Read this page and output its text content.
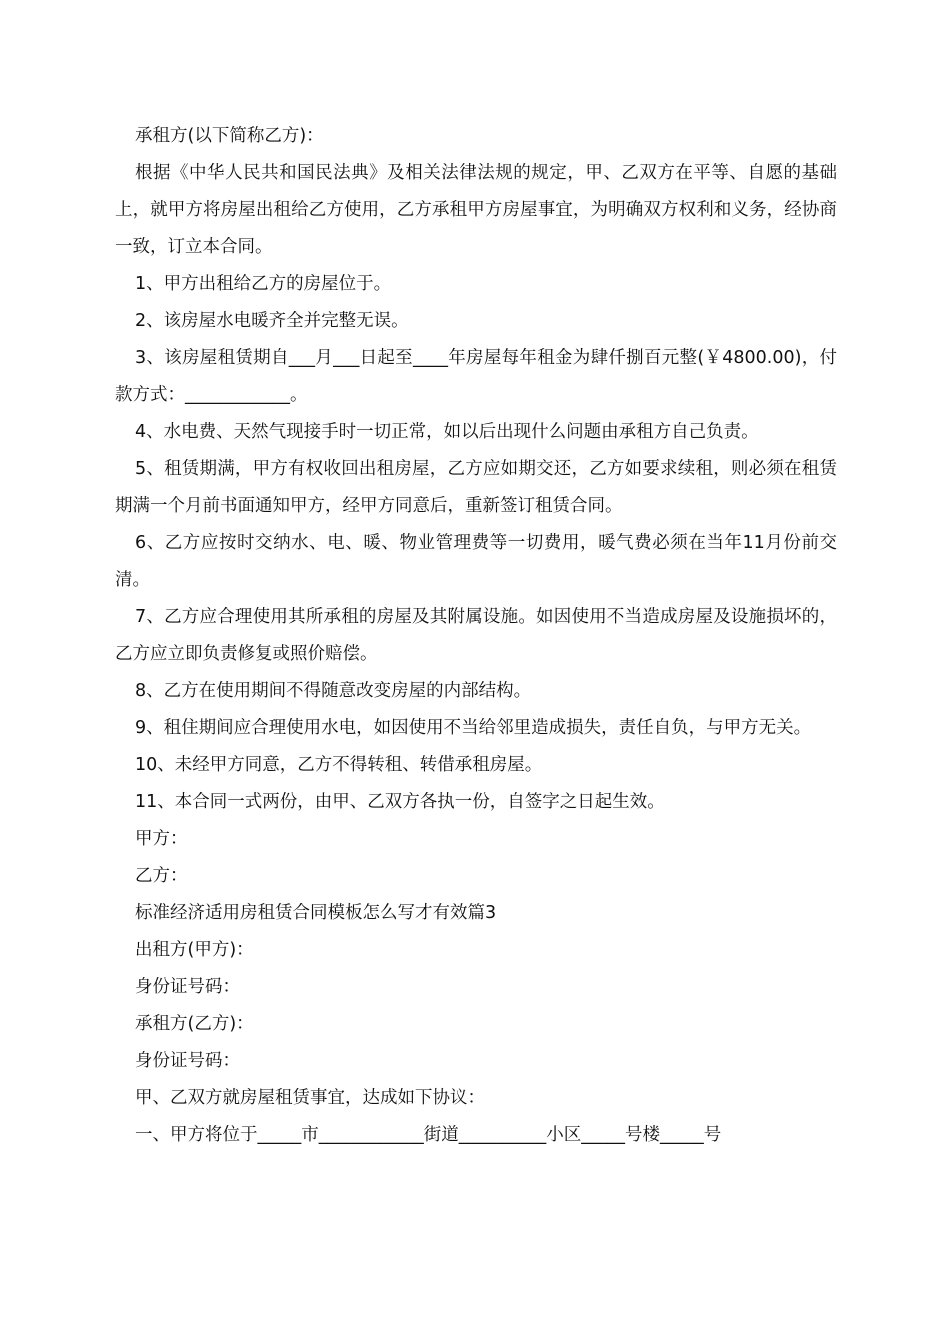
承租方(以下简称乙方)：

根据《中华人民共和国民法典》及相关法律法规的规定，甲、乙双方在平等、自愿的基础上，就甲方将房屋出租给乙方使用，乙方承租甲方房屋事宜，为明确双方权利和义务，经协商一致，订立本合同。

1、甲方出租给乙方的房屋位于。

2、该房屋水电暖齐全并完整无误。

3、该房屋租赁期自___月___日起至____年房屋每年租金为肆仟捌百元整(￥4800.00)，付款方式：____________。

4、水电费、天然气现接手时一切正常，如以后出现什么问题由承租方自己负责。

5、租赁期满，甲方有权收回出租房屋，乙方应如期交还，乙方如要求续租，则必须在租赁期满一个月前书面通知甲方，经甲方同意后，重新签订租赁合同。

6、乙方应按时交纳水、电、暖、物业管理费等一切费用，暖气费必须在当年11月份前交清。

7、乙方应合理使用其所承租的房屋及其附属设施。如因使用不当造成房屋及设施损坏的，乙方应立即负责修复或照价赔偿。

8、乙方在使用期间不得随意改变房屋的内部结构。

9、租住期间应合理使用水电，如因使用不当给邻里造成损失，责任自负，与甲方无关。

10、未经甲方同意，乙方不得转租、转借承租房屋。

11、本合同一式两份，由甲、乙双方各执一份，自签字之日起生效。

甲方：

乙方：

标准经济适用房租赁合同模板怎么写才有效篇3

出租方(甲方)：

身份证号码：

承租方(乙方)：

身份证号码：

甲、乙双方就房屋租赁事宜，达成如下协议：

一、甲方将位于_____市____________街道__________小区_____号楼_____号
